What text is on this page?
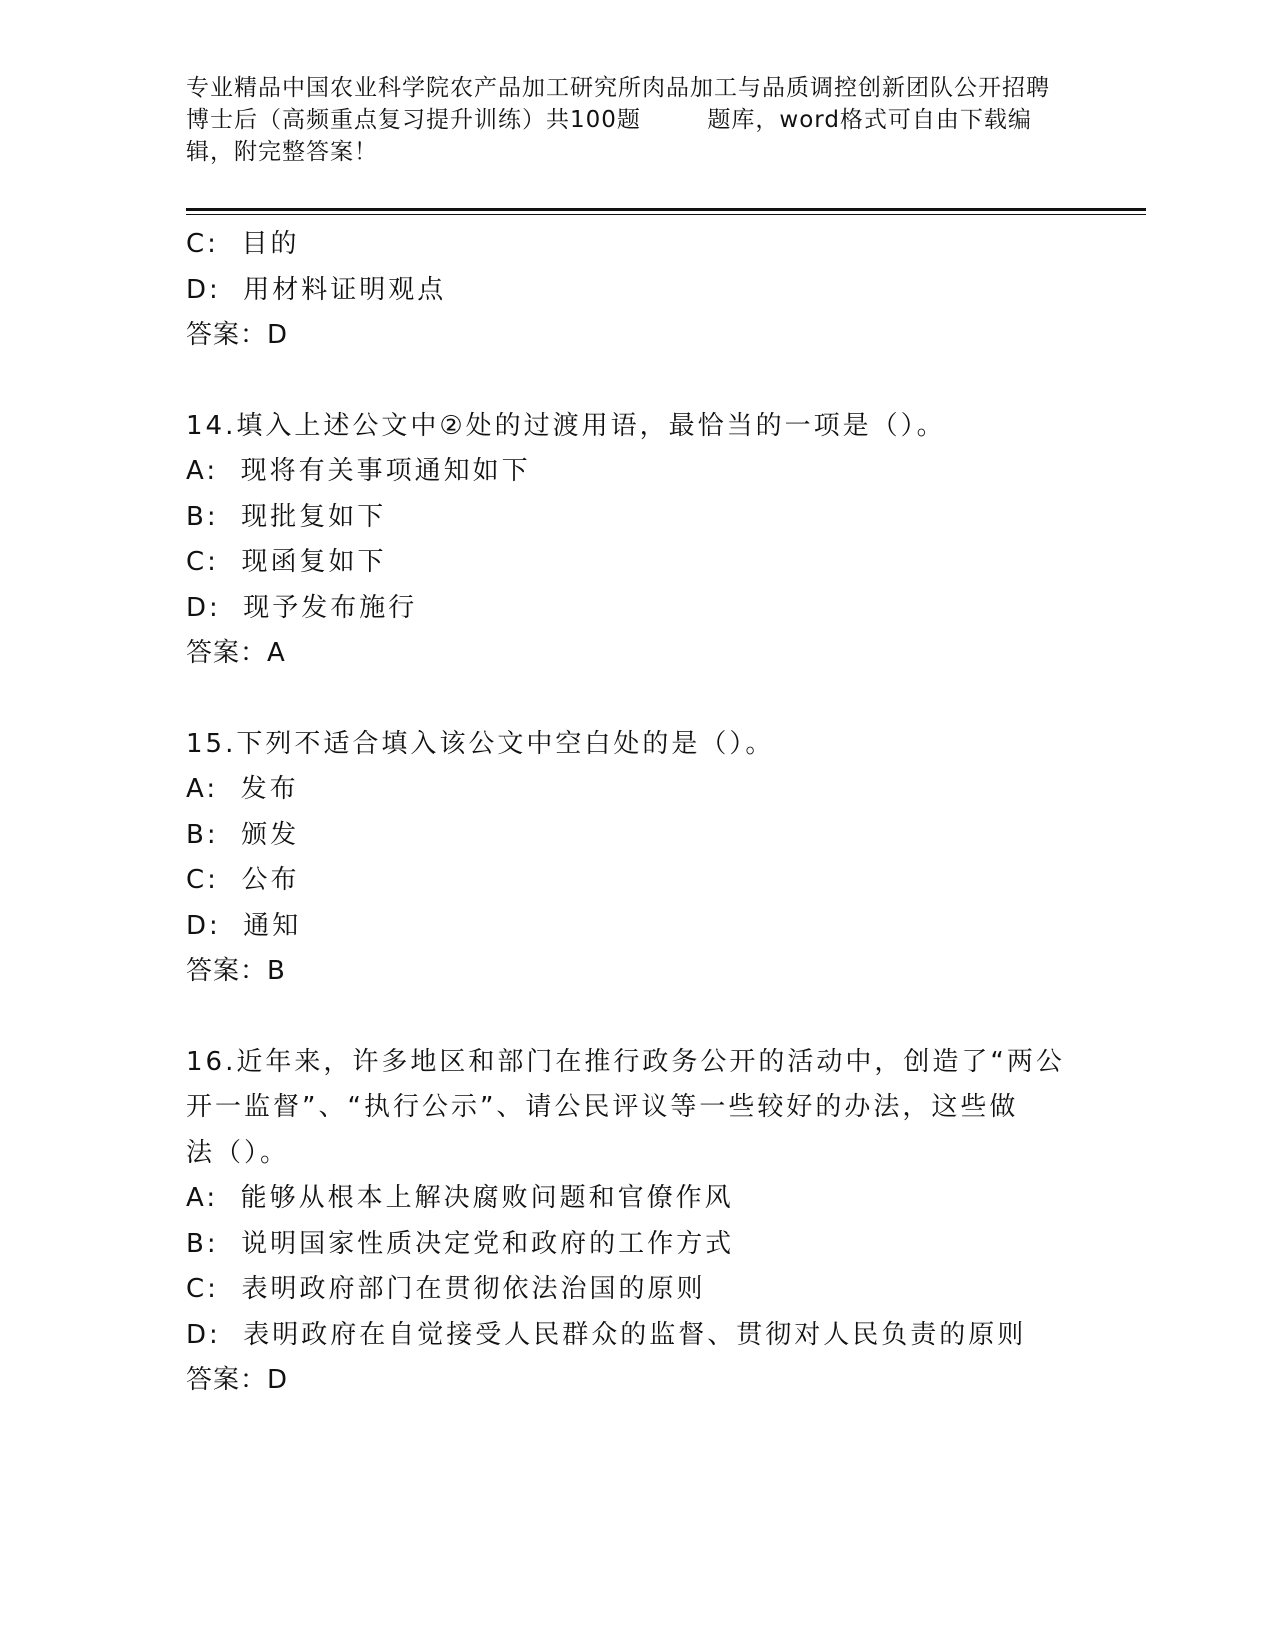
专业精品中国农业科学院农产品加工研究所肉品加工与品质调控创新团队公开招聘
博士后（高频重点复习提升训练）共100题        题库，word格式可自由下载编
辑，附完整答案！
C:  目的
D:  用材料证明观点
答案：D
14.填入上述公文中②处的过渡用语，最恰当的一项是（）。
A:  现将有关事项通知如下
B:  现批复如下
C:  现函复如下
D:  现予发布施行
答案：A
15.下列不适合填入该公文中空白处的是（）。
A:  发布
B:  颁发
C:  公布
D:  通知
答案：B
16.近年来，许多地区和部门在推行政务公开的活动中，创造了“两公
开一监督”、“执行公示”、请公民评议等一些较好的办法，这些做
法（）。
A:  能够从根本上解决腐败问题和官僚作风
B:  说明国家性质决定党和政府的工作方式
C:  表明政府部门在贯彻依法治国的原则
D:  表明政府在自觉接受人民群众的监督、贯彻对人民负责的原则
答案：D
